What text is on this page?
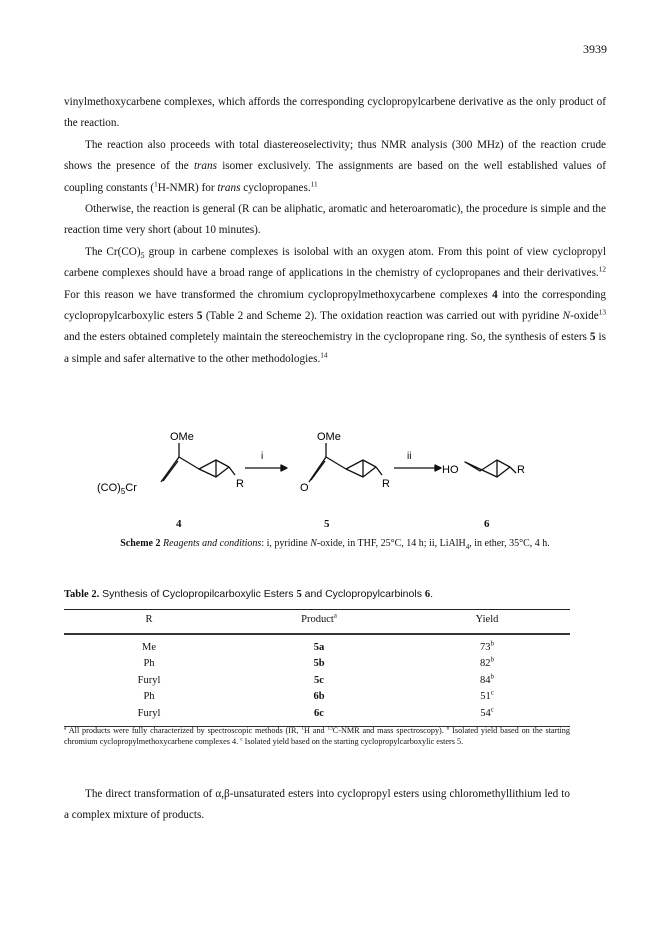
3939

vinylmethoxycarbene complexes, which affords the corresponding cyclopropylcarbene derivative as the only product of the reaction.

The reaction also proceeds with total diastereoselectivity; thus NMR analysis (300 MHz) of the reaction crude shows the presence of the trans isomer exclusively. The assignments are based on the well established values of coupling constants ($^1$H-NMR) for trans cyclopropanes.$^{11}$

Otherwise, the reaction is general (R can be aliphatic, aromatic and heteroaromatic), the procedure is simple and the reaction time very short (about 10 minutes).

The $Cr(CO)_5$ group in carbene complexes is isolobal with an oxygen atom. From this point of view cyclopropyl carbene complexes should have a broad range of applications in the chemistry of cyclopropanes and their derivatives.$^{12}$ For this reason we have transformed the chromium cyclopropylmethoxycarbene complexes 4 into the corresponding cyclopropylcarboxylic esters 5 (Table 2 and Scheme 2). The oxidation reaction was carried out with pyridine N-oxide$^{13}$ and the esters obtained completely maintain the stereochemistry in the cyclopropane ring. So, the synthesis of esters 5 is a simple and safer alternative to the other methodologies.$^{14}$

OMe
$(CO)_5Cr$	R
i
OMe
O	R
ii
HO	R
4	5	6
Scheme 2 Reagents and conditions: i, pyridine N-oxide, in THF, 25°C, 14 h; ii, LiAlH$_4$, in ether, 35°C, 4 h.
Table 2. Synthesis of Cyclopropilcarboxylic Esters 5 and Cyclopropylcarbinols 6.
R	Product$^a$	Yield
Me	5a	73$^b$
Ph	5b	82$^b$
Furyl	5c	84$^b$
Ph	6b	51$^c$
Furyl	6c	54$^c$
$^a$ All products were fully characterized by spectroscopic methods (IR, $^1$H and $^{13}$C-NMR and mass spectroscopy). $^b$ Isolated yield based on the starting chromium cyclopropylmethoxycarbene complexes 4. $^c$ Isolated yield based on the starting cyclopropylcarboxylic esters 5.

The direct transformation of α,β-unsaturated esters into cyclopropyl esters using chloromethyllithium led to a complex mixture of products.
